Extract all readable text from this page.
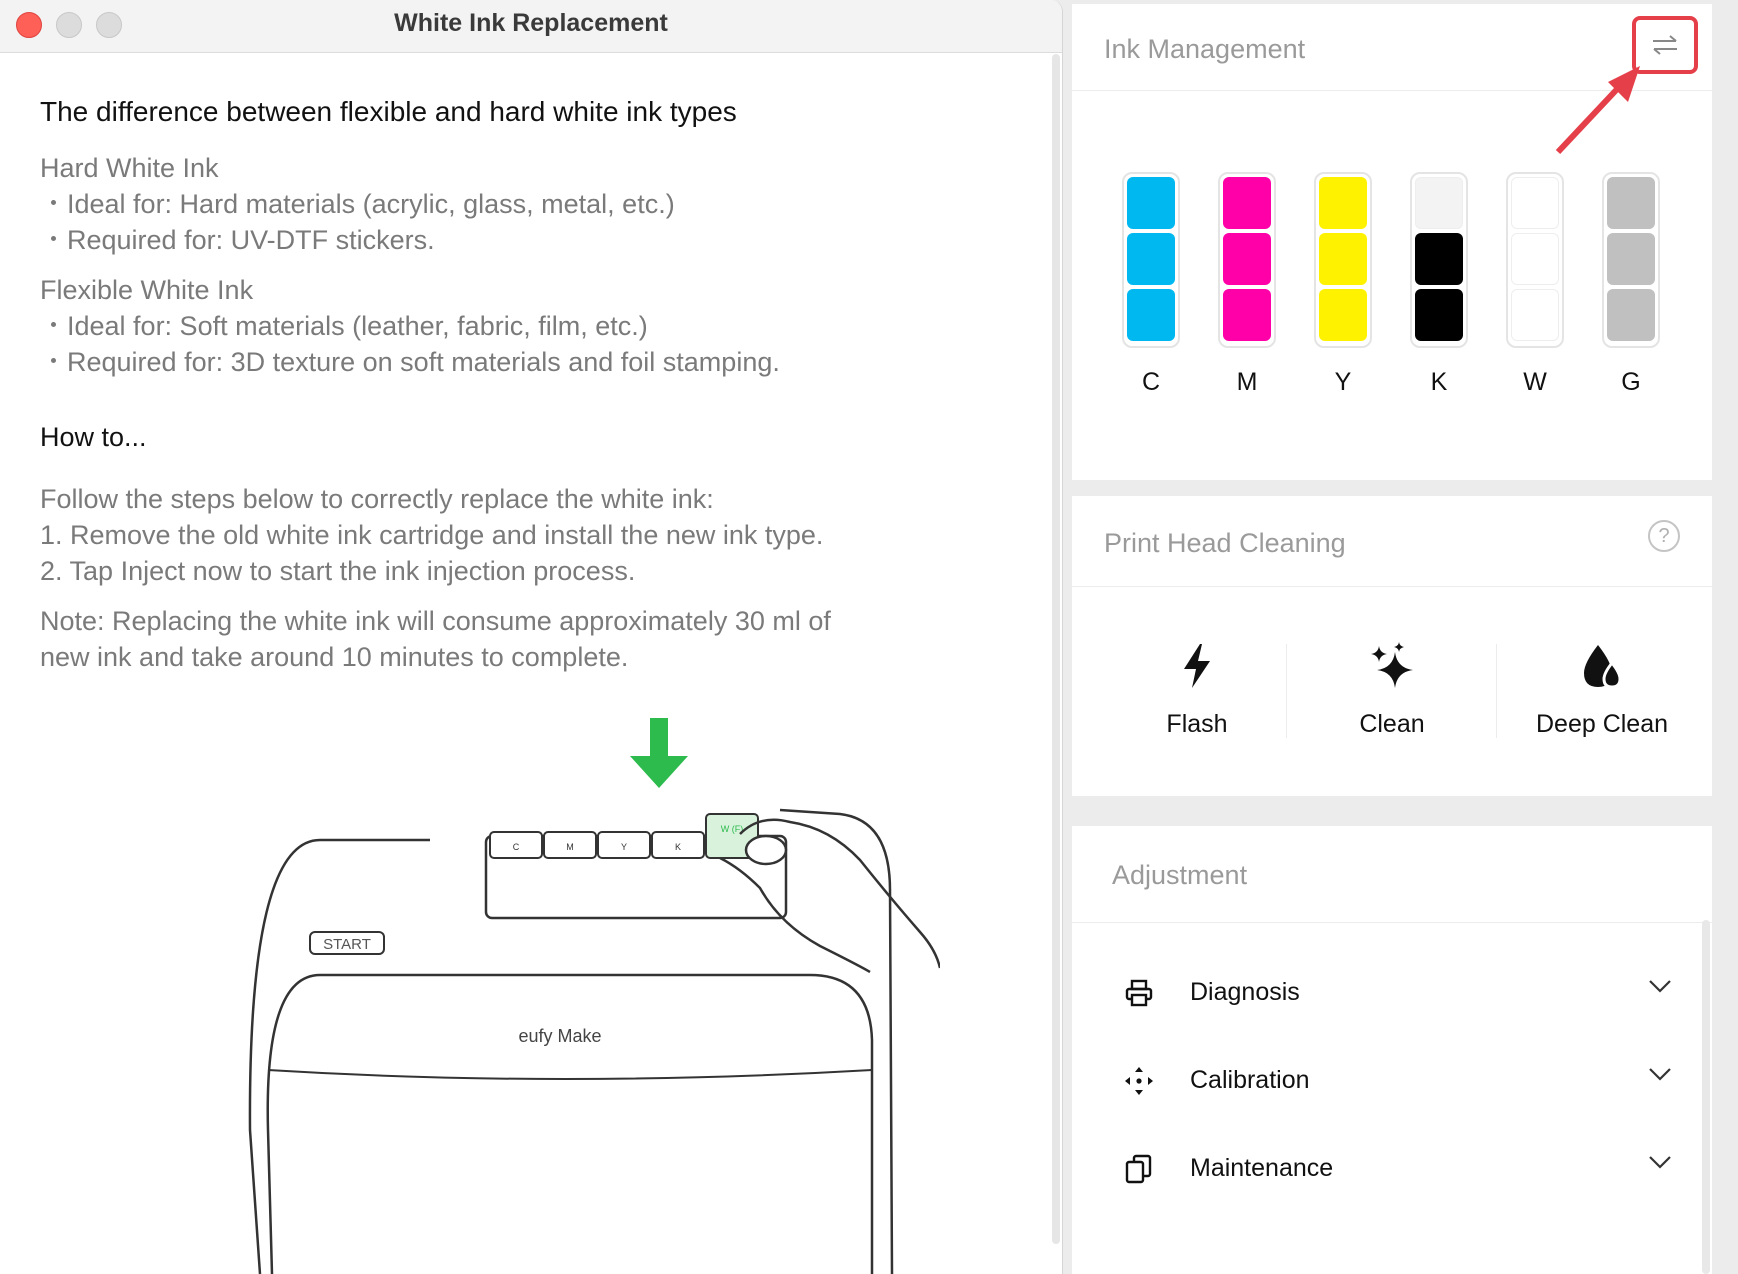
White Ink Replacement
The difference between flexible and hard white ink types
Hard White Ink
・Ideal for: Hard materials (acrylic, glass, metal, etc.)
・Required for: UV-DTF stickers.
Flexible White Ink
・Ideal for: Soft materials (leather, fabric, film, etc.)
・Required for: 3D texture on soft materials and foil stamping.
How to...
Follow the steps below to correctly replace the white ink:
1. Remove the old white ink cartridge and install the new ink type.
2. Tap Inject now to start the ink injection process.
Note: Replacing the white ink will consume approximately 30 ml of
new ink and take around 10 minutes to complete.
C	M	Y	K
W (F)
START
eufy Make
Ink Management
C	M	Y	K	W	G
Print Head Cleaning	?
Flash	Clean	Deep Clean
Adjustment
Diagnosis
Calibration
Maintenance
